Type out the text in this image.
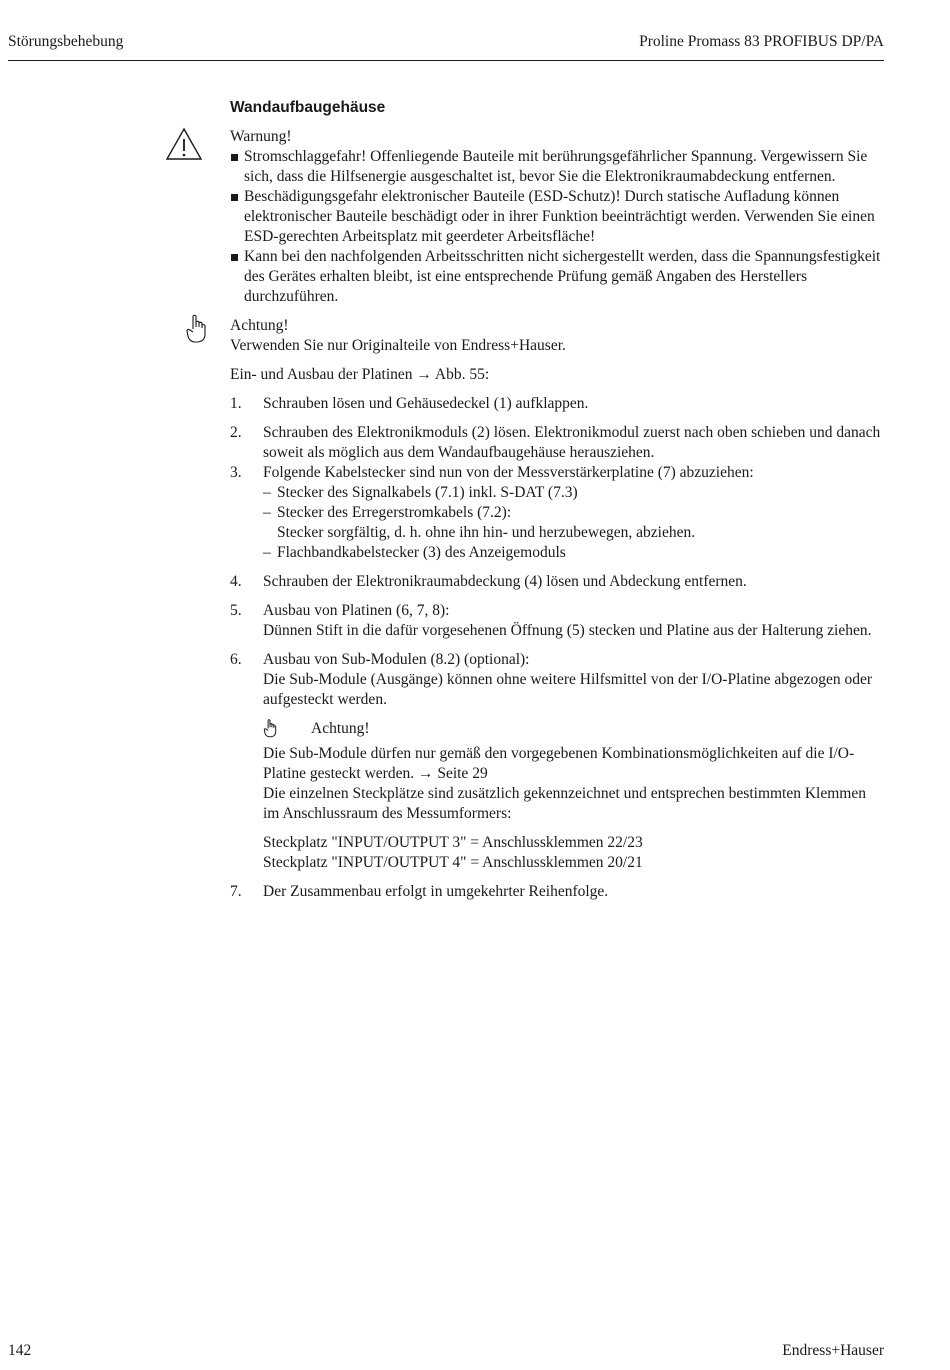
Störungsbehebung	Proline Promass 83 PROFIBUS DP/PA
Wandaufbaugehäuse

Warnung!

Stromschlaggefahr! Offenliegende Bauteile mit berührungsgefährlicher Spannung. Vergewissern Sie sich, dass die Hilfsenergie ausgeschaltet ist, bevor Sie die Elektronikraumabdeckung entfernen.
Beschädigungsgefahr elektronischer Bauteile (ESD-Schutz)! Durch statische Aufladung können elektronischer Bauteile beschädigt oder in ihrer Funktion beeinträchtigt werden. Verwenden Sie einen ESD-gerechten Arbeitsplatz mit geerdeter Arbeitsfläche!
Kann bei den nachfolgenden Arbeitsschritten nicht sichergestellt werden, dass die Spannungsfestigkeit des Gerätes erhalten bleibt, ist eine entsprechende Prüfung gemäß Angaben des Herstellers durchzuführen.

Achtung!

Verwenden Sie nur Originalteile von Endress+Hauser.

Ein- und Ausbau der Platinen → Abb. 55:

1. Schrauben lösen und Gehäusedeckel (1) aufklappen.
2. Schrauben des Elektronikmoduls (2) lösen. Elektronikmodul zuerst nach oben schieben und danach soweit als möglich aus dem Wandaufbaugehäuse herausziehen.
3. Folgende Kabelstecker sind nun von der Messverstärkerplatine (7) abzuziehen:

– Stecker des Signalkabels (7.1) inkl. S-DAT (7.3)
– Stecker des Erregerstromkabels (7.2):
Stecker sorgfältig, d. h. ohne ihn hin- und herzubewegen, abziehen.
– Flachbandkabelstecker (3) des Anzeigemoduls
4. Schrauben der Elektronikraumabdeckung (4) lösen und Abdeckung entfernen.
5. Ausbau von Platinen (6, 7, 8):

Dünnen Stift in die dafür vorgesehenen Öffnung (5) stecken und Platine aus der Halterung ziehen.

6. Ausbau von Sub-Modulen (8.2) (optional):

Die Sub-Module (Ausgänge) können ohne weitere Hilfsmittel von der I/O-Platine abgezogen oder aufgesteckt werden.

Achtung!

Die Sub-Module dürfen nur gemäß den vorgegebenen Kombinationsmöglichkeiten auf die I/O-Platine gesteckt werden. → Seite 29

Die einzelnen Steckplätze sind zusätzlich gekennzeichnet und entsprechen bestimmten Klemmen im Anschlussraum des Messumformers:

Steckplatz "INPUT/OUTPUT 3" = Anschlussklemmen 22/23

Steckplatz "INPUT/OUTPUT 4" = Anschlussklemmen 20/21

7. Der Zusammenbau erfolgt in umgekehrter Reihenfolge.
142	Endress+Hauser
